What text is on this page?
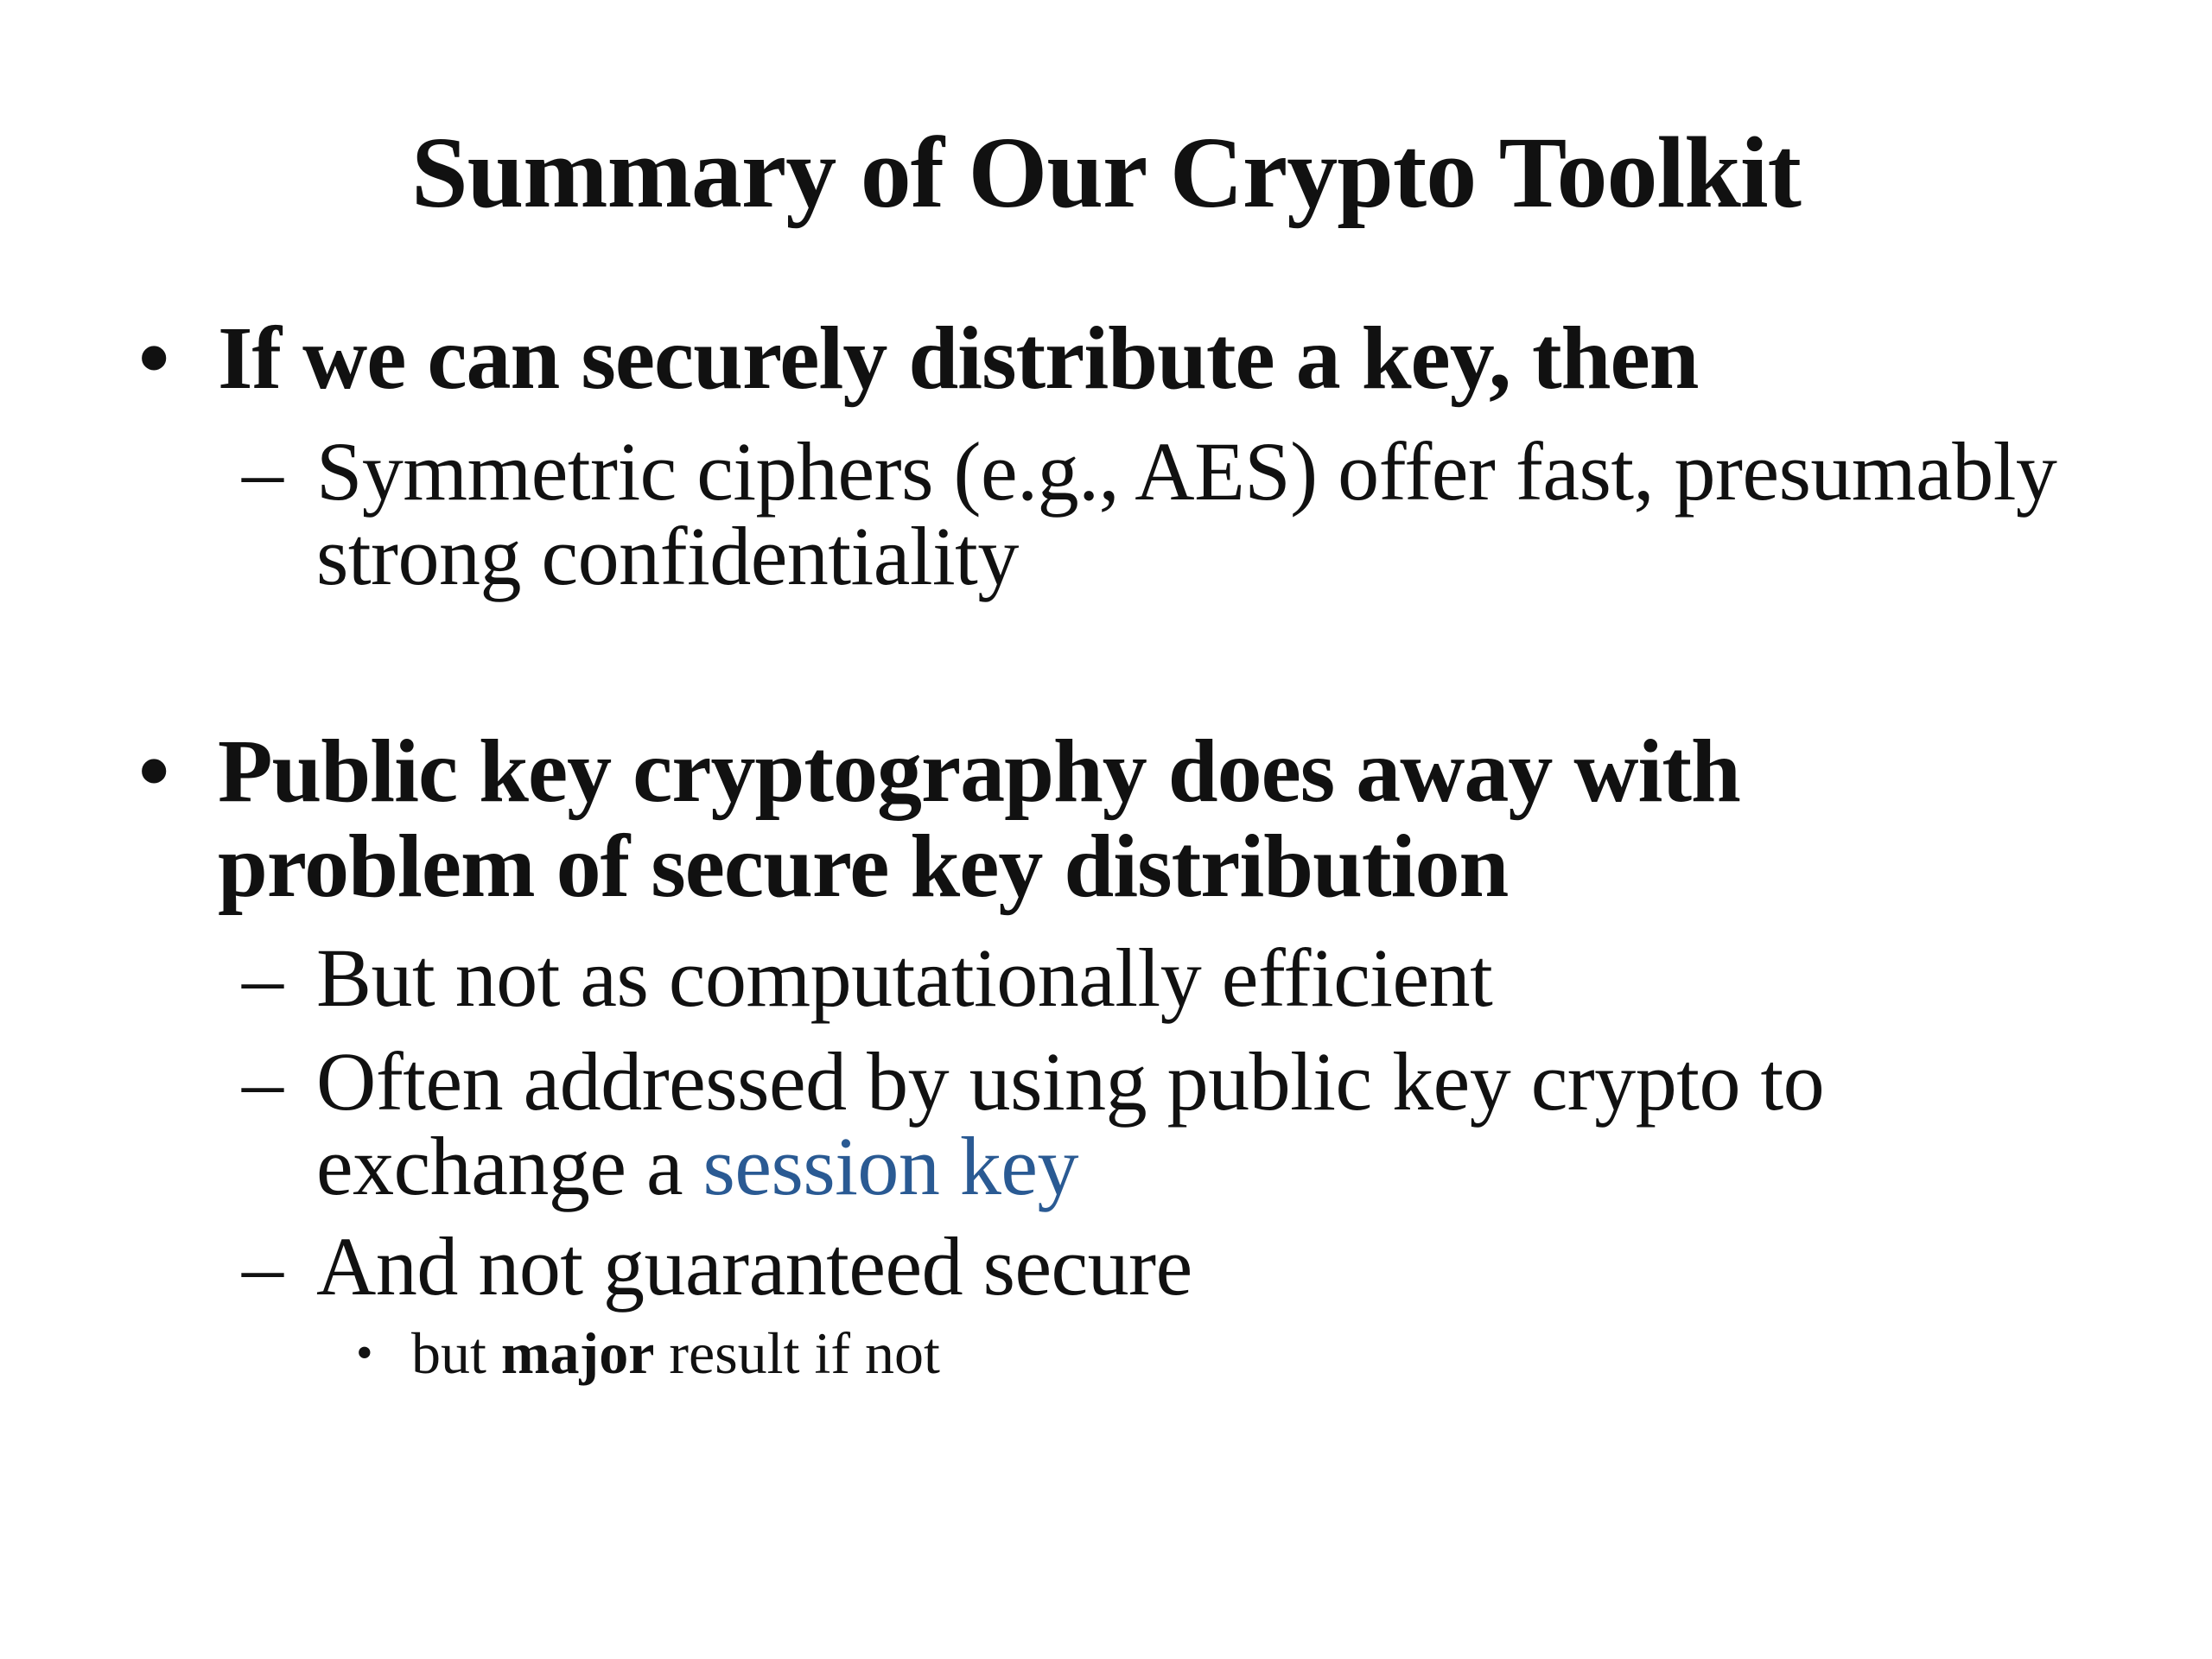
Summary of Our Crypto Toolkit
• If we can securely distribute a key, then
– Symmetric ciphers (e.g., AES) offer fast, presumably
strong confidentiality
• Public key cryptography does away with
problem of secure key distribution
– But not as computationally efficient
– Often addressed by using public key crypto to
exchange a session key
– And not guaranteed secure
• but major result if not
